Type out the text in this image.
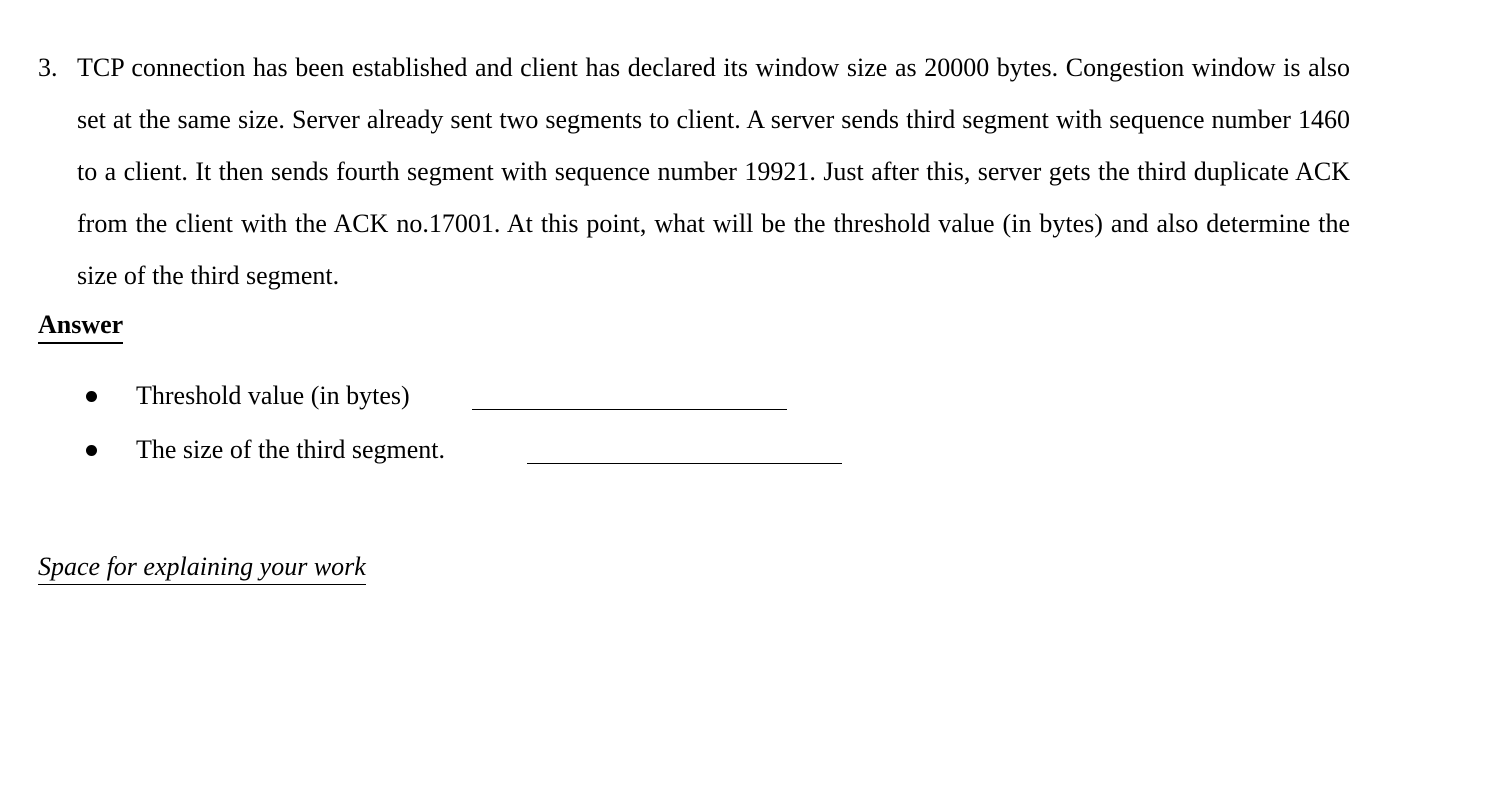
3. TCP connection has been established and client has declared its window size as 20000 bytes. Congestion window is also set at the same size. Server already sent two segments to client. A server sends third segment with sequence number 1460 to a client. It then sends fourth segment with sequence number 19921. Just after this, server gets the third duplicate ACK from the client with the ACK no.17001. At this point, what will be the threshold value (in bytes) and also determine the size of the third segment.
Answer
Threshold value (in bytes)
The size of the third segment.
Space for explaining your work
